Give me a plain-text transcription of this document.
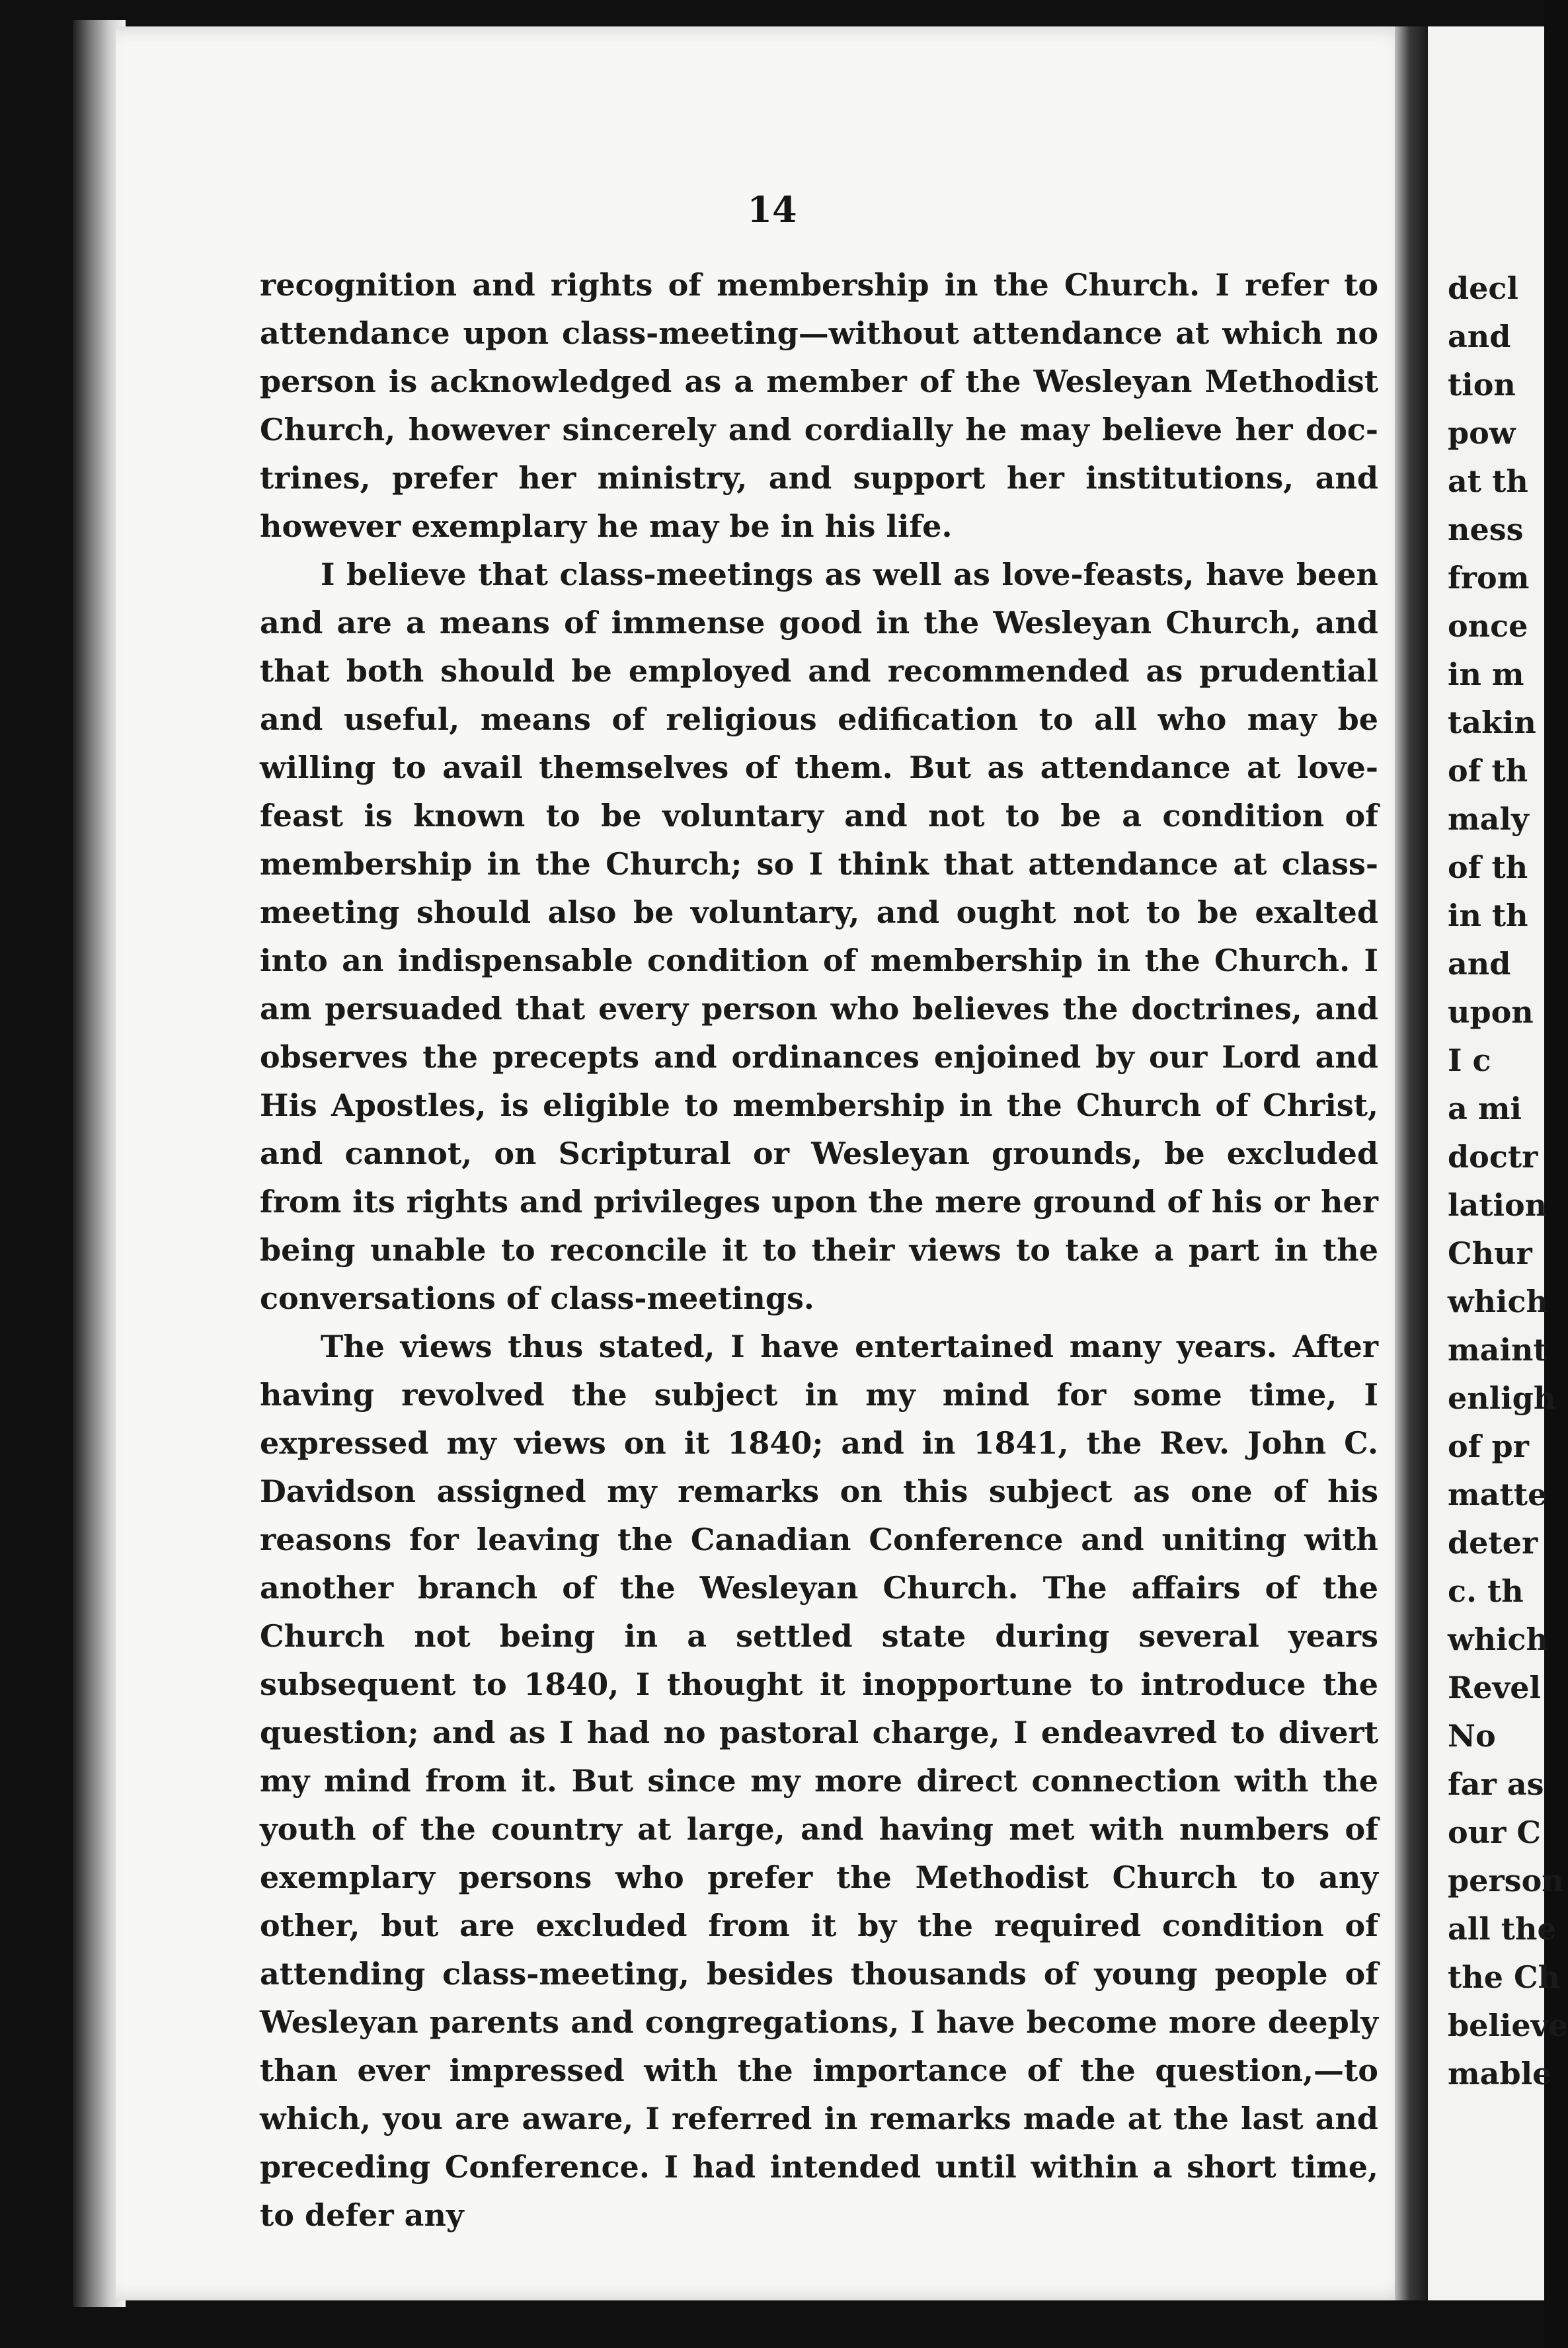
14

recognition and rights of membership in the Church. I refer to attendance upon class-meeting—without attendance at which no person is acknowledged as a member of the Wesleyan Methodist Church, however sincerely and cordially he may believe her doctrines, prefer her ministry, and support her institutions, and however exemplary he may be in his life.

I believe that class-meetings as well as love-feasts, have been and are a means of immense good in the Wesleyan Church, and that both should be employed and recommended as prudential and useful, means of religious edification to all who may be willing to avail themselves of them. But as attendance at love-feast is known to be voluntary and not to be a condition of membership in the Church; so I think that attendance at class-meeting should also be voluntary, and ought not to be exalted into an indispensable condition of membership in the Church. I am persuaded that every person who believes the doctrines, and observes the precepts and ordinances enjoined by our Lord and His Apostles, is eligible to membership in the Church of Christ, and cannot, on Scriptural or Wesleyan grounds, be excluded from its rights and privileges upon the mere ground of his or her being unable to reconcile it to their views to take a part in the conversations of class-meetings.

The views thus stated, I have entertained many years. After having revolved the subject in my mind for some time, I expressed my views on it 1840; and in 1841, the Rev. John C. Davidson assigned my remarks on this subject as one of his reasons for leaving the Canadian Conference and uniting with another branch of the Wesleyan Church. The affairs of the Church not being in a settled state during several years subsequent to 1840, I thought it inopportune to introduce the question; and as I had no pastoral charge, I endeavred to divert my mind from it. But since my more direct connection with the youth of the country at large, and having met with numbers of exemplary persons who prefer the Methodist Church to any other, but are excluded from it by the required condition of attending class-meeting, besides thousands of young people of Wesleyan parents and congregations, I have become more deeply than ever impressed with the importance of the question,—to which, you are aware, I referred in remarks made at the last and preceding Conference. I had intended until within a short time, to defer any

decl
and
tion
pow
at th
ness
from
once
in m
takin
of th
maly
of th
in th
and
upon
I c
a mi
doctr
lation
Chur
which
maint
enligh
of pr
matte
deter
c. th
which
Revel
No
far as
our C
person
all the
the Ch
believe
mable
